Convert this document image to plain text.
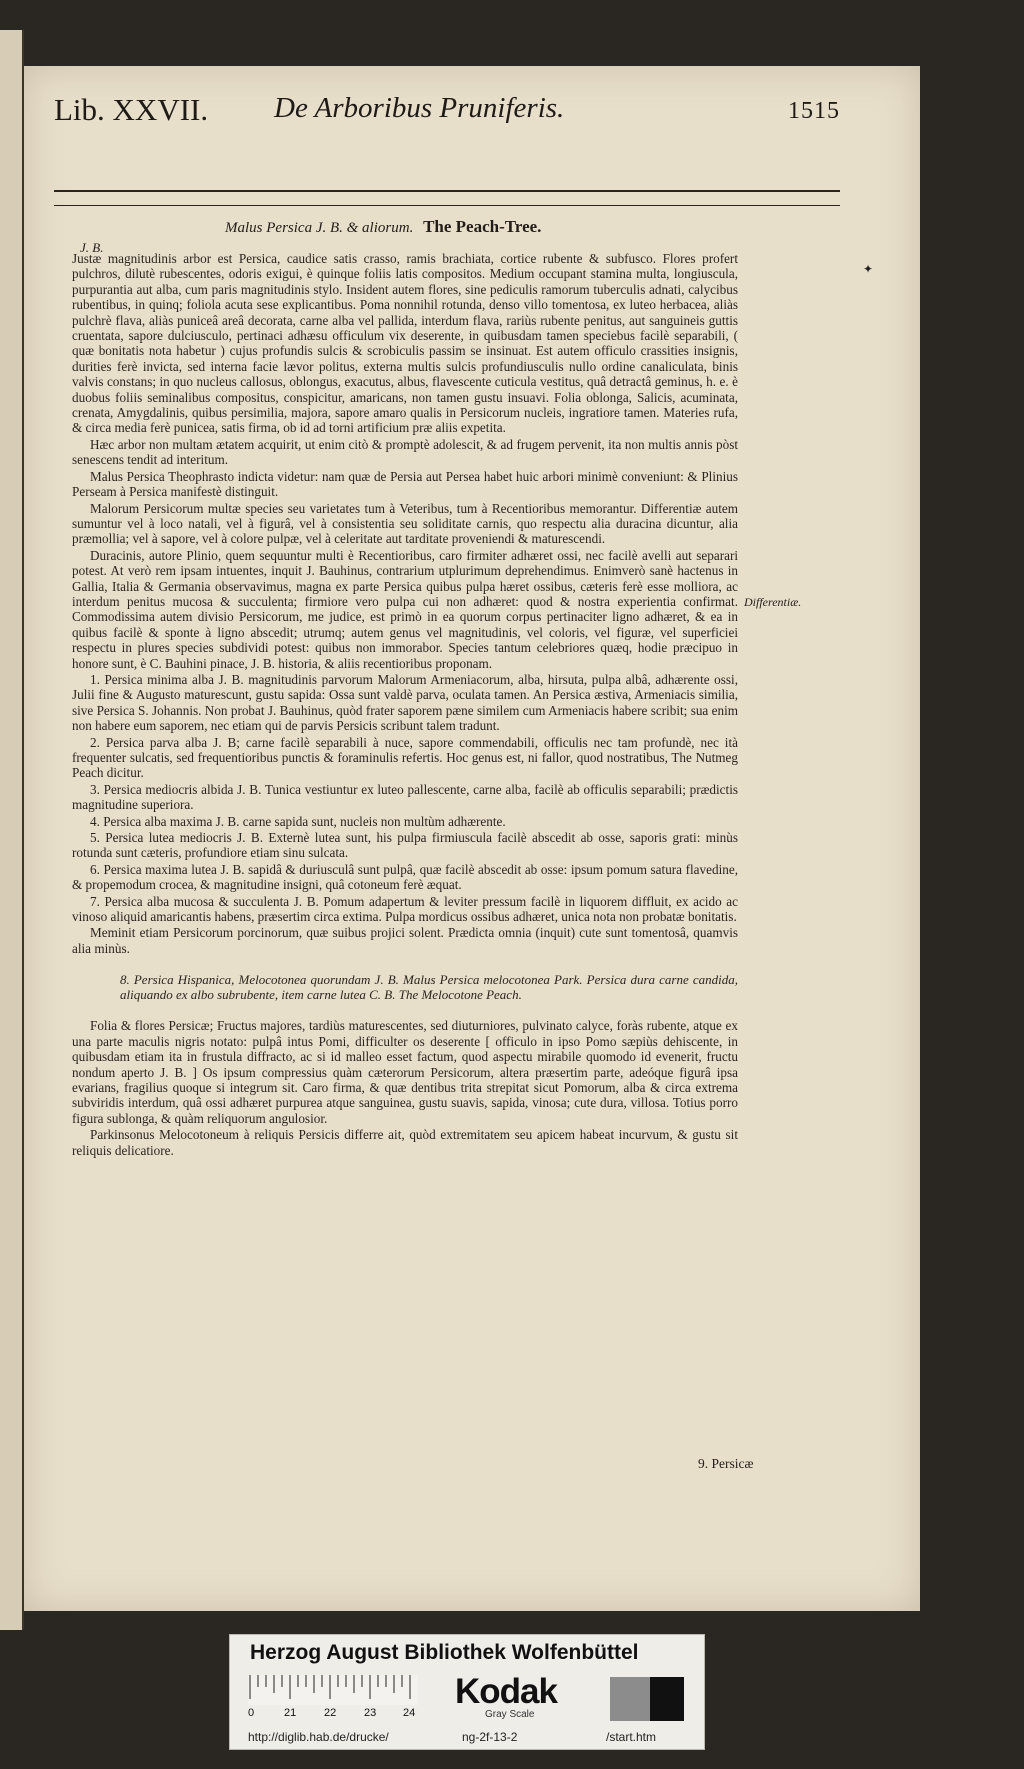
Lib. XXVII. De Arboribus Pruniferis.	1515
Malus Persica J. B. & aliorum. The Peach-Tree.
J. B.
✦

Justæ magnitudinis arbor est Persica, caudice satis crasso, ramis brachiata, cortice rubente & subfusco. Flores profert pulchros, dilutè rubescentes, odoris exigui, è quinque foliis latis compositos. Medium occupant stamina multa, longiuscula, purpurantia aut alba, cum paris magnitudinis stylo. Insident autem flores, sine pediculis ramorum tuberculis adnati, calycibus rubentibus, in quinq; foliola acuta sese explicantibus. Poma nonnihil rotunda, denso villo tomentosa, ex luteo herbacea, aliàs pulchrè flava, aliàs puniceâ areâ decorata, carne alba vel pallida, interdum flava, rariùs rubente penitus, aut sanguineis guttis cruentata, sapore dulciusculo, pertinaci adhæsu officulum vix deserente, in quibusdam tamen speciebus facilè separabili, ( quæ bonitatis nota habetur ) cujus profundis sulcis & scrobiculis passim se insinuat. Est autem officulo crassities insignis, durities ferè invicta, sed interna facie lævor politus, externa multis sulcis profundiusculis nullo ordine canaliculata, binis valvis constans; in quo nucleus callosus, oblongus, exacutus, albus, flavescente cuticula vestitus, quâ detractâ geminus, h. e. è duobus foliis seminalibus compositus, conspicitur, amaricans, non tamen gustu insuavi. Folia oblonga, Salicis, acuminata, crenata, Amygdalinis, quibus persimilia, majora, sapore amaro qualis in Persicorum nucleis, ingratiore tamen. Materies rufa, & circa media ferè punicea, satis firma, ob id ad torni artificium præ aliis expetita.

Hæc arbor non multam ætatem acquirit, ut enim citò & promptè adolescit, & ad frugem pervenit, ita non multis annis pòst senescens tendit ad interitum.

Malus Persica Theophrasto indicta videtur: nam quæ de Persia aut Persea habet huic arbori minimè conveniunt: & Plinius Perseam à Persica manifestè distinguit.

Malorum Persicorum multæ species seu varietates tum à Veteribus, tum à Recentioribus memorantur. Differentiæ autem sumuntur vel à loco natali, vel à figurâ, vel à consistentia seu soliditate carnis, quo respectu alia duracina dicuntur, alia præmollia; vel à sapore, vel à colore pulpæ, vel à celeritate aut tarditate proveniendi & maturescendi.

Duracinis, autore Plinio, quem sequuntur multi è Recentioribus, caro firmiter adhæret ossi, nec facilè avelli aut separari potest. At verò rem ipsam intuentes, inquit J. Bauhinus, contrarium utplurimum deprehendimus. Enimverò sanè hactenus in Gallia, Italia & Germania observavimus, magna ex parte Persica quibus pulpa hæret ossibus, cæteris ferè esse molliora, ac interdum penitus mucosa & succulenta; firmiore vero pulpa cui non adhæret: quod & nostra experientia confirmat. Commodissima autem divisio Persicorum, me judice, est primò in ea quorum corpus pertinaciter ligno adhæret, & ea in quibus facilè & sponte à ligno abscedit; utrumq; autem genus vel magnitudinis, vel coloris, vel figuræ, vel superficiei respectu in plures species subdividi potest: quibus non immorabor. Species tantum celebriores quæq, hodie præcipuo in honore sunt, è C. Bauhini pinace, J. B. historia, & aliis recentioribus proponam.

1. Persica minima alba J. B. magnitudinis parvorum Malorum Armeniacorum, alba, hirsuta, pulpa albâ, adhærente ossi, Julii fine & Augusto maturescunt, gustu sapida: Ossa sunt valdè parva, oculata tamen. An Persica æstiva, Armeniacis similia, sive Persica S. Johannis. Non probat J. Bauhinus, quòd frater saporem pæne similem cum Armeniacis habere scribit; sua enim non habere eum saporem, nec etiam qui de parvis Persicis scribunt talem tradunt.

2. Persica parva alba J. B; carne facilè separabili à nuce, sapore commendabili, officulis nec tam profundè, nec ità frequenter sulcatis, sed frequentioribus punctis & foraminulis refertis. Hoc genus est, ni fallor, quod nostratibus, The Nutmeg Peach dicitur.

3. Persica mediocris albida J. B. Tunica vestiuntur ex luteo pallescente, carne alba, facilè ab officulis separabili; prædictis magnitudine superiora.

4. Persica alba maxima J. B. carne sapida sunt, nucleis non multùm adhærente.

5. Persica lutea mediocris J. B. Externè lutea sunt, his pulpa firmiuscula facilè abscedit ab osse, saporis grati: minùs rotunda sunt cæteris, profundiore etiam sinu sulcata.

6. Persica maxima lutea J. B. sapidâ & duriusculâ sunt pulpâ, quæ facilè abscedit ab osse: ipsum pomum satura flavedine, & propemodum crocea, & magnitudine insigni, quâ cotoneum ferè æquat.

7. Persica alba mucosa & succulenta J. B. Pomum adapertum & leviter pressum facilè in liquorem diffluit, ex acido ac vinoso aliquid amaricantis habens, præsertim circa extima. Pulpa mordicus ossibus adhæret, unica nota non probatæ bonitatis.

Meminit etiam Persicorum porcinorum, quæ suibus projici solent. Prædicta omnia (inquit) cute sunt tomentosâ, quamvis alia minùs.

8. Persica Hispanica, Melocotonea quorundam J. B. Malus Persica melocotonea Park. Persica dura carne candida, aliquando ex albo subrubente, item carne lutea C. B. The Melocotone Peach.

Folia & flores Persicæ; Fructus majores, tardiùs maturescentes, sed diuturniores, pulvinato calyce, foràs rubente, atque ex una parte maculis nigris notato: pulpâ intus Pomi, difficulter os deserente [ officulo in ipso Pomo sæpiùs dehiscente, in quibusdam etiam ita in frustula diffracto, ac si id malleo esset factum, quod aspectu mirabile quomodo id evenerit, fructu nondum aperto J. B. ] Os ipsum compressius quàm cæterorum Persicorum, altera præsertim parte, adeóque figurâ ipsa evarians, fragilius quoque si integrum sit. Caro firma, & quæ dentibus trita strepitat sicut Pomorum, alba & circa extrema subviridis interdum, quâ ossi adhæret purpurea atque sanguinea, gustu suavis, sapida, vinosa; cute dura, villosa. Totius porro figura sublonga, & quàm reliquorum angulosior.

Parkinsonus Melocotoneum à reliquis Persicis differre ait, quòd extremitatem seu apicem habeat incurvum, & gustu sit reliquis delicatiore.

Differentiæ.
9. Persicæ
Herzog August Bibliothek Wolfenbüttel
0	21	22	23 24
Kodak
Gray Scale
http://diglib.hab.de/drucke/	ng-2f-13-2	/start.htm
